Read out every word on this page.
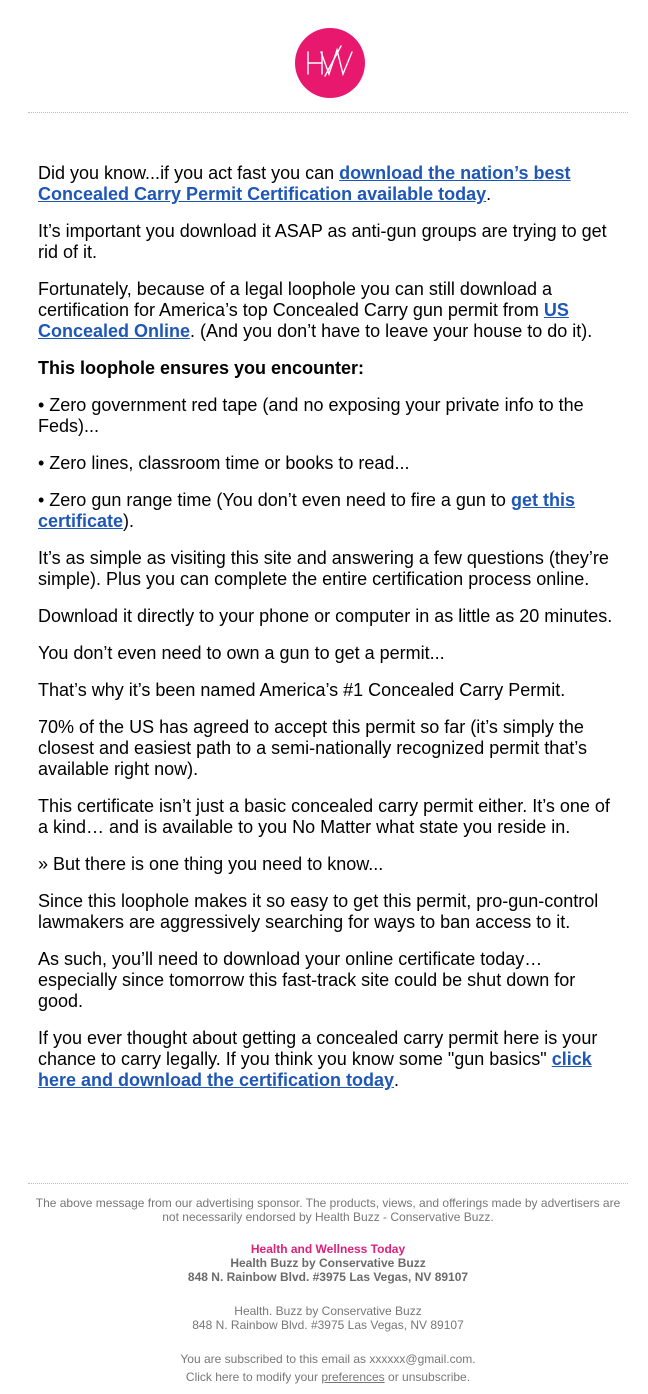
Did you know...if you act fast you can download the nation’s best Concealed Carry Permit Certification available today.

It’s important you download it ASAP as anti-gun groups are trying to get rid of it.

Fortunately, because of a legal loophole you can still download a certification for America’s top Concealed Carry gun permit from US Concealed Online. (And you don’t have to leave your house to do it).

This loophole ensures you encounter:

• Zero government red tape (and no exposing your private info to the Feds)...

• Zero lines, classroom time or books to read...

• Zero gun range time (You don’t even need to fire a gun to get this certificate).

It’s as simple as visiting this site and answering a few questions (they’re simple). Plus you can complete the entire certification process online.

Download it directly to your phone or computer in as little as 20 minutes.

You don’t even need to own a gun to get a permit...

That’s why it’s been named America’s #1 Concealed Carry Permit.

70% of the US has agreed to accept this permit so far (it’s simply the closest and easiest path to a semi-nationally recognized permit that’s available right now).

This certificate isn’t just a basic concealed carry permit either. It’s one of a kind… and is available to you No Matter what state you reside in.

» But there is one thing you need to know...

Since this loophole makes it so easy to get this permit, pro-gun-control lawmakers are aggressively searching for ways to ban access to it.

As such, you’ll need to download your online certificate today… especially since tomorrow this fast-track site could be shut down for good.

If you ever thought about getting a concealed carry permit here is your chance to carry legally. If you think you know some "gun basics" click here and download the certification today.

The above message from our advertising sponsor. The products, views, and offerings made by advertisers are not necessarily endorsed by Health Buzz - Conservative Buzz.

Health and Wellness Today

Health Buzz by Conservative Buzz

848 N. Rainbow Blvd. #3975 Las Vegas, NV 89107

Health. Buzz by Conservative Buzz

848 N. Rainbow Blvd. #3975 Las Vegas, NV 89107

You are subscribed to this email as xxxxxx@gmail.com.

Click here to modify your preferences or unsubscribe.
